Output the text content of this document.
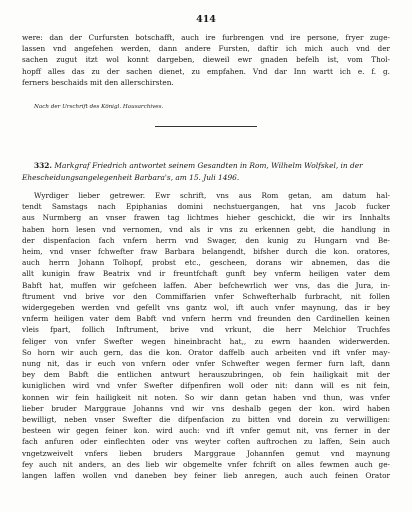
414
were: dan der Curfursten botschafft, auch ire furbrengen vnd ire persone, fryer zuge-
lassen vnd angefehen werden, dann andere Fursten, daftir ich mich auch vnd der
sachen zugut itzt wol konnt dargeben, dieweil ewr gnaden befelh ist, vom Thol-
hopff alles das zu der sachen dienet, zu empfahen. Vnd dar Inn wartt ich e. f. g.
ferners beschaids mit den allerschirsten.
Nach der Urschrift des Königl. Hausarchives.
332. Markgraf Friedrich antwortet seinem Gesandten in Rom, Wilhelm Wolfskel, in der
Ehescheidungsangelegenheit Barbara's, am 15. Juli 1496.
Wyrdiger lieber getrewer. Ewr schrift, vns aus Rom getan, am datum hal-
tendt Samstags nach Epiphanias domini nechstuergangen, hat vns Jacob fucker
aus Nurmberg an vnser frawen tag lichtmes hieher geschickt, die wir irs Innhalts
haben horn lesen vnd vernomen, vnd als ir vns zu erkennen gebt, die handlung in
der dispenfacion fach vnfern herrn vnd Swager, den kunig zu Hungarn vnd Be-
heim, vnd vnser fchwefter fraw Barbara belangendt, bifsher durch die kon. oratores,
auch herrn Johann Tolhopf, probst etc., gescheen, dorans wir abnemen, das die
allt kunigin fraw Beatrix vnd ir freuntfchaft gunft bey vnferm heiligen vater dem
Babft hat, muffen wir gefcheen laffen. Aber befchewrlich wer vns, das die Jura, in-
ftrument vnd brive vor den Commiffarien vnfer Schwefterhalb furbracht, nit follen
widergegeben werden vnd gefellt vns gantz wol, ift auch vnfer maynung, das ir bey
vnferm heiligen vater dem Babft vnd vnfern herrn vnd freunden den Cardinellen keinen
vleis fpart, follich Inftrument, brive vnd vrkunt, die herr Melchior Truchfes
feliger von vnfer Swefter wegen hineinbracht hat,, zu ewrn haanden widerwerden.
So horn wir auch gern, das die kon. Orator daffelb auch arbeiten vnd ift vnfer may-
nung nit, das ir euch von vnfern oder vnfer Schwefter wegen fermer furn laft, dann
bey dem Babft die entlichen antwurt herauszubringen, ob fein hailigkait mit der
kuniglichen wird vnd vnfer Swefter difpenfiren woll oder nit: dann will es nit fein,
konnen wir fein hailigkeit nit noten. So wir dann getan haben vnd thun, was vnfer
lieber bruder Marggraue Johanns vnd wir vns deshalb gegen der kon. wird haben
bewilligt, neben vnser Swefter die difpenfacion zu bitten vnd dorein zu verwilligen:
besteen wir gegen feiner kon. wird auch: vnd ift vnfer gemut nit, vns ferner in der
fach anfuren oder einflechten oder vns weyter coften auftrochen zu laffen, Sein auch
vngetzweivelt vnfers lieben bruders Marggraue Johannfen gemut vnd maynung
fey auch nit anders, an des lieb wir obgemelte vnfer fchrift on alles fewmen auch ge-
langen laffen wollen vnd daneben bey feiner lieb anregen, auch auch feinen Orator
